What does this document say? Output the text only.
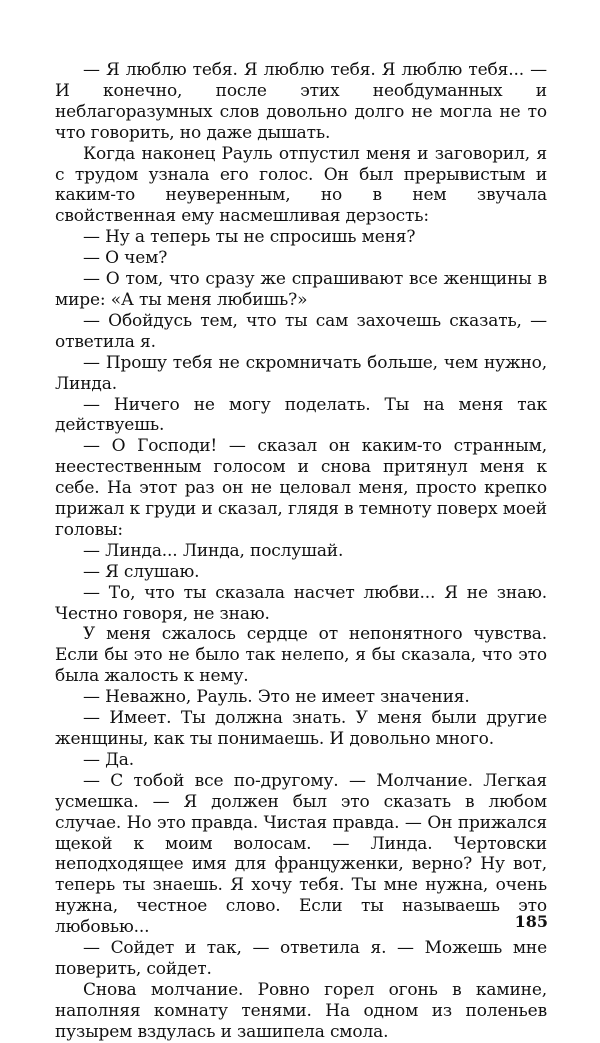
— Я люблю тебя. Я люблю тебя. Я люблю тебя... — И конечно, после этих необдуманных и неблагоразумных слов довольно долго не могла не то что говорить, но даже дышать.

Когда наконец Рауль отпустил меня и заговорил, я с трудом узнала его голос. Он был прерывистым и каким-то неуверенным, но в нем звучала свойственная ему насмешливая дерзость:

— Ну а теперь ты не спросишь меня?

— О чем?

— О том, что сразу же спрашивают все женщины в мире: «А ты меня любишь?»

— Обойдусь тем, что ты сам захочешь сказать, — ответила я.

— Прошу тебя не скромничать больше, чем нужно, Линда.

— Ничего не могу поделать. Ты на меня так действуешь.

— О Господи! — сказал он каким-то странным, неестественным голосом и снова притянул меня к себе. На этот раз он не целовал меня, просто крепко прижал к груди и сказал, глядя в темноту поверх моей головы:

— Линда... Линда, послушай.

— Я слушаю.

— То, что ты сказала насчет любви... Я не знаю. Честно говоря, не знаю.

У меня сжалось сердце от непонятного чувства. Если бы это не было так нелепо, я бы сказала, что это была жалость к нему.

— Неважно, Рауль. Это не имеет значения.

— Имеет. Ты должна знать. У меня были другие женщины, как ты понимаешь. И довольно много.

— Да.

— С тобой все по-другому. — Молчание. Легкая усмешка. — Я должен был это сказать в любом случае. Но это правда. Чистая правда. — Он прижался щекой к моим волосам. — Линда. Чертовски неподходящее имя для француженки, верно? Ну вот, теперь ты знаешь. Я хочу тебя. Ты мне нужна, очень нужна, честное слово. Если ты называешь это любовью...

— Сойдет и так, — ответила я. — Можешь мне поверить, сойдет.

Снова молчание. Ровно горел огонь в камине, наполняя комнату тенями. На одном из поленьев пузырем вздулась и зашипела смола.

185
